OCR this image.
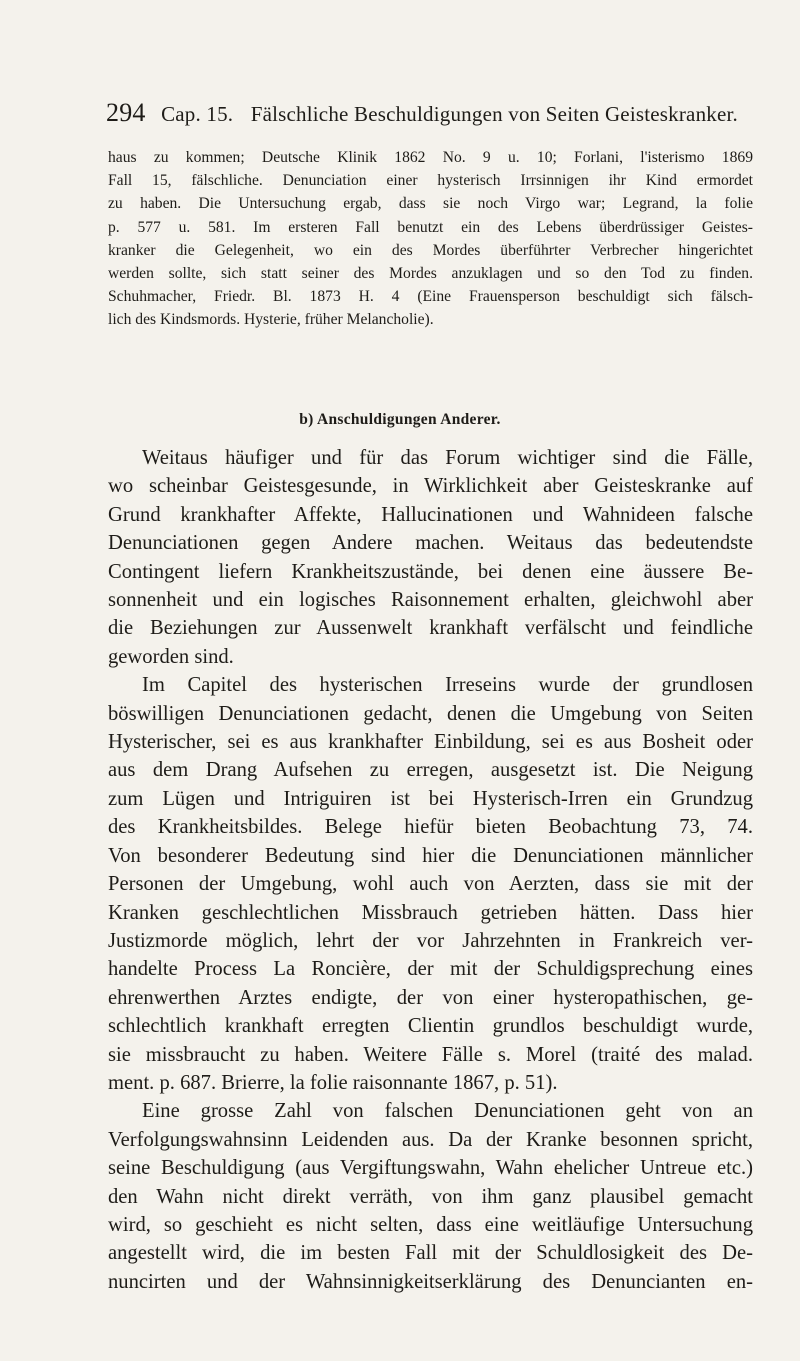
294 Cap. 15. Fälschliche Beschuldigungen von Seiten Geisteskranker.
haus zu kommen; Deutsche Klinik 1862 No. 9 u. 10; Forlani, l'isterismo 1869
Fall 15, fälschliche. Denunciation einer hysterisch Irrsinnigen ihr Kind ermordet
zu haben. Die Untersuchung ergab, dass sie noch Virgo war; Legrand, la folie
p. 577 u. 581. Im ersteren Fall benutzt ein des Lebens überdrüssiger Geistes-
kranker die Gelegenheit, wo ein des Mordes überführter Verbrecher hingerichtet
werden sollte, sich statt seiner des Mordes anzuklagen und so den Tod zu finden.
Schuhmacher, Friedr. Bl. 1873 H. 4 (Eine Frauensperson beschuldigt sich fälsch-
lich des Kindsmords. Hysterie, früher Melancholie).
b) Anschuldigungen Anderer.
Weitaus häufiger und für das Forum wichtiger sind die Fälle,
wo scheinbar Geistesgesunde, in Wirklichkeit aber Geisteskranke auf
Grund krankhafter Affekte, Hallucinationen und Wahnideen falsche
Denunciationen gegen Andere machen. Weitaus das bedeutendste
Contingent liefern Krankheitszustände, bei denen eine äussere Be-
sonnenheit und ein logisches Raisonnement erhalten, gleichwohl aber
die Beziehungen zur Aussenwelt krankhaft verfälscht und feindliche
geworden sind.
Im Capitel des hysterischen Irreseins wurde der grundlosen
böswilligen Denunciationen gedacht, denen die Umgebung von Seiten
Hysterischer, sei es aus krankhafter Einbildung, sei es aus Bosheit oder
aus dem Drang Aufsehen zu erregen, ausgesetzt ist. Die Neigung
zum Lügen und Intriguiren ist bei Hysterisch-Irren ein Grundzug
des Krankheitsbildes. Belege hiefür bieten Beobachtung 73, 74.
Von besonderer Bedeutung sind hier die Denunciationen männlicher
Personen der Umgebung, wohl auch von Aerzten, dass sie mit der
Kranken geschlechtlichen Missbrauch getrieben hätten. Dass hier
Justizmorde möglich, lehrt der vor Jahrzehnten in Frankreich ver-
handelte Process La Roncière, der mit der Schuldigsprechung eines
ehrenwerthen Arztes endigte, der von einer hysteropathischen, ge-
schlechtlich krankhaft erregten Clientin grundlos beschuldigt wurde,
sie missbraucht zu haben. Weitere Fälle s. Morel (traité des malad.
ment. p. 687. Brierre, la folie raisonnante 1867, p. 51).
Eine grosse Zahl von falschen Denunciationen geht von an
Verfolgungswahnsinn Leidenden aus. Da der Kranke besonnen spricht,
seine Beschuldigung (aus Vergiftungswahn, Wahn ehelicher Untreue etc.)
den Wahn nicht direkt verräth, von ihm ganz plausibel gemacht
wird, so geschieht es nicht selten, dass eine weitläufige Untersuchung
angestellt wird, die im besten Fall mit der Schuldlosigkeit des De-
nuncirten und der Wahnsinnigkeitserklärung des Denuncianten en-
